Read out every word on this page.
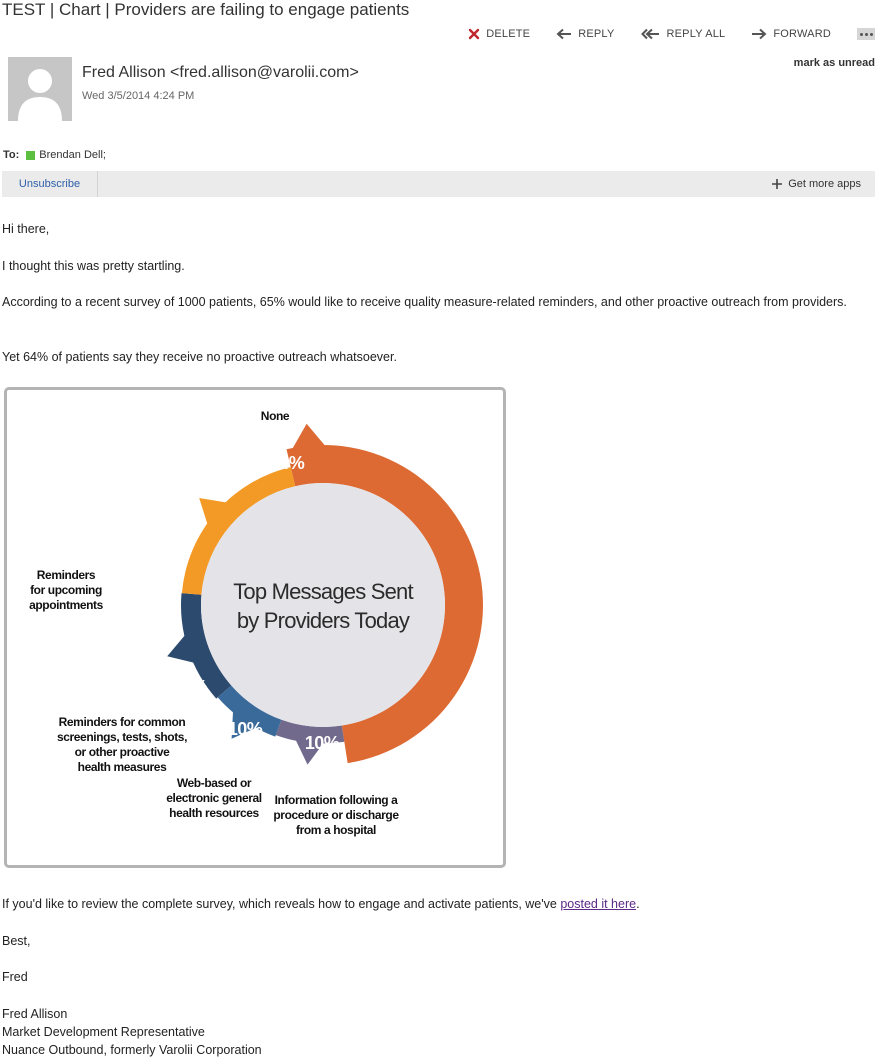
TEST | Chart | Providers are failing to engage patients
DELETE	REPLY	REPLY ALL	FORWARD
mark as unread
Fred Allison <fred.allison@varolii.com>
Wed 3/5/2014 4:24 PM
To: Brendan Dell;
Unsubscribe	Get more apps
Hi there,
I thought this was pretty startling.
According to a recent survey of 1000 patients, 65% would like to receive quality measure-related reminders, and other proactive outreach from providers.
Yet 64% of patients say they receive no proactive outreach whatsoever.
Top Messages Sent
by Providers Today
64%
10%
10%
16%
25%
None
Information following a
procedure or discharge
from a hospital
Web-based or
electronic general
health resources
Reminders for common
screenings, tests, shots,
or other proactive
health measures
Reminders
for upcoming
appointments
If you'd like to review the complete survey, which reveals how to engage and activate patients, we've posted it here.
Best,
Fred
Fred Allison
Market Development Representative
Nuance Outbound, formerly Varolii Corporation
